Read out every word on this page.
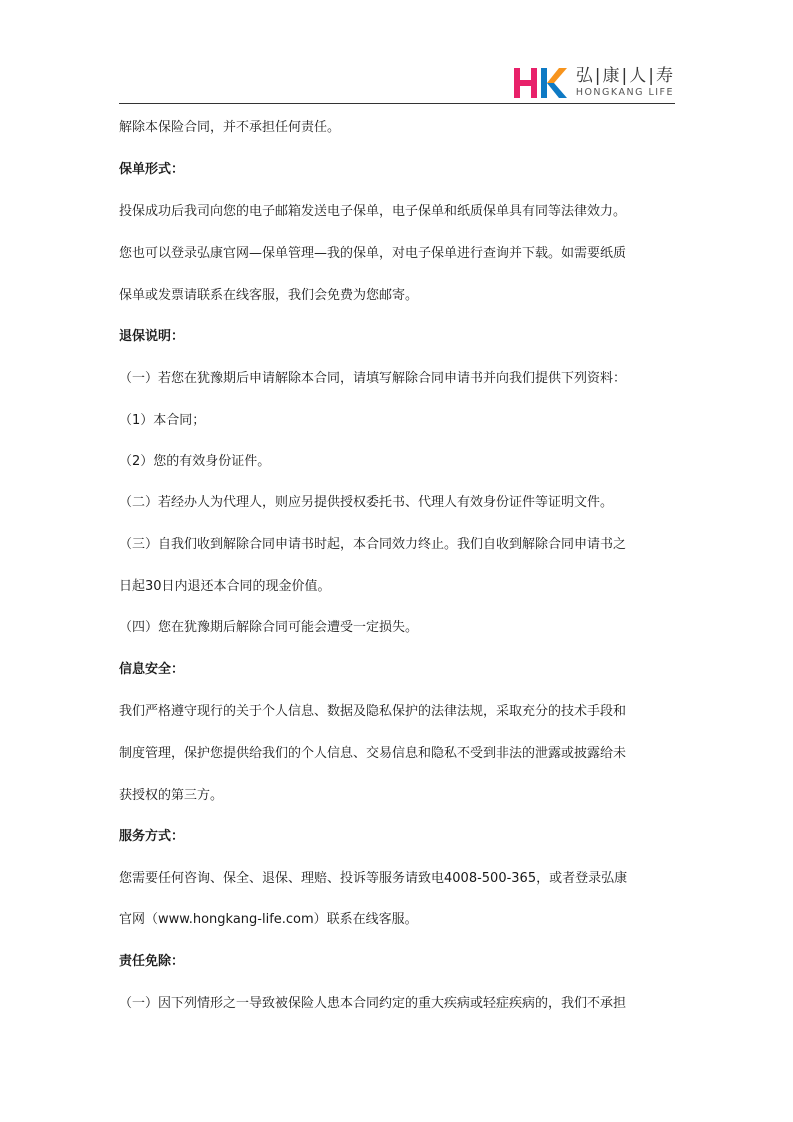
弘|康|人|寿
HONGKANG LIFE
解除本保险合同，并不承担任何责任。
保单形式：
投保成功后我司向您的电子邮箱发送电子保单，电子保单和纸质保单具有同等法律效力。
您也可以登录弘康官网—保单管理—我的保单，对电子保单进行查询并下载。如需要纸质
保单或发票请联系在线客服，我们会免费为您邮寄。
退保说明：
（一）若您在犹豫期后申请解除本合同，请填写解除合同申请书并向我们提供下列资料：
（1）本合同；
（2）您的有效身份证件。
（二）若经办人为代理人，则应另提供授权委托书、代理人有效身份证件等证明文件。
（三）自我们收到解除合同申请书时起，本合同效力终止。我们自收到解除合同申请书之
日起30日内退还本合同的现金价值。
（四）您在犹豫期后解除合同可能会遭受一定损失。
信息安全：
我们严格遵守现行的关于个人信息、数据及隐私保护的法律法规，采取充分的技术手段和
制度管理，保护您提供给我们的个人信息、交易信息和隐私不受到非法的泄露或披露给未
获授权的第三方。
服务方式：
您需要任何咨询、保全、退保、理赔、投诉等服务请致电4008-500-365，或者登录弘康
官网（www.hongkang-life.com）联系在线客服。
责任免除：
（一）因下列情形之一导致被保险人患本合同约定的重大疾病或轻症疾病的，我们不承担
